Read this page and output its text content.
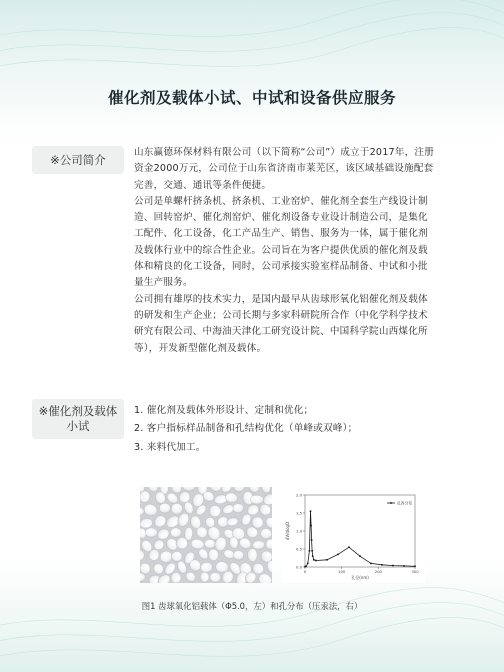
催化剂及载体小试、中试和设备供应服务
※公司简介	山东赢德环保材料有限公司（以下简称“公司”）成立于2017年，注册资金2000万元，公司位于山东省济南市莱芜区，该区域基础设施配套完善，交通、通讯等条件便捷。

公司是单螺杆挤条机、挤条机、工业窑炉、催化剂全套生产线设计制造、回转窑炉、催化剂窑炉、催化剂设备专业设计制造公司，是集化工配件、化工设备，化工产品生产、销售、服务为一体，属于催化剂及载体行业中的综合性企业。公司旨在为客户提供优质的催化剂及载体和精良的化工设备，同时，公司承接实验室样品制备、中试和小批量生产服务。

公司拥有雄厚的技术实力，是国内最早从齿球形氧化铝催化剂及载体的研发和生产企业；公司长期与多家科研院所合作（中化学科学技术研究有限公司、中海油天津化工研究设计院、中国科学院山西煤化所等），开发新型催化剂及载体。

※催化剂及载体小试
1. 催化剂及载体外形设计、定制和优化；
2. 客户指标样品制备和孔结构优化（单峰或双峰）；
3. 来料代加工。
0.0
0.5
1.0
1.5
2.0
0	100	200	300
孔径(nm)
dV/dlogD
孔容分布
图1 齿球氧化铝载体（Φ5.0，左）和孔分布（压汞法，右）
